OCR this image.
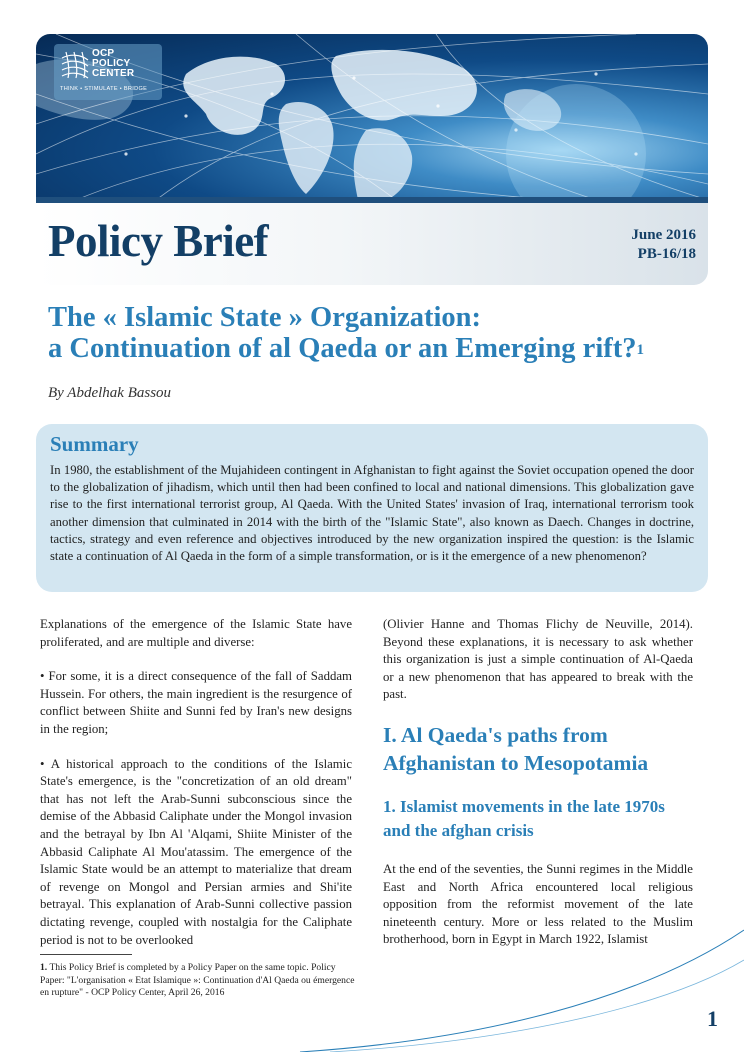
OCP
POLICY
CENTER
THINK • STIMULATE • BRIDGE
Policy Brief	June 2016
PB-16/18
The « Islamic State » Organization:
a Continuation of al Qaeda or an Emerging rift?$^1$
By Abdelhak Bassou
Summary
In 1980, the establishment of the Mujahideen contingent in Afghanistan to fight against the Soviet occupation opened the door to the globalization of jihadism, which until then had been confined to local and national dimensions. This globalization gave rise to the first international terrorist group, Al Qaeda. With the United States' invasion of Iraq, international terrorism took another dimension that culminated in 2014 with the birth of the "Islamic State", also known as Daech. Changes in doctrine, tactics, strategy and even reference and objectives introduced by the new organization inspired the question: is the Islamic state a continuation of Al Qaeda in the form of a simple transformation, or is it the emergence of a new phenomenon?

Explanations of the emergence of the Islamic State have proliferated, and are multiple and diverse:

• For some, it is a direct consequence of the fall of Saddam Hussein. For others, the main ingredient is the resurgence of conflict between Shiite and Sunni fed by Iran's new designs in the region;

• A historical approach to the conditions of the Islamic State's emergence, is the "concretization of an old dream" that has not left the Arab-Sunni subconscious since the demise of the Abbasid Caliphate under the Mongol invasion and the betrayal by Ibn Al 'Alqami, Shiite Minister of the Abbasid Caliphate Al Mou'atassim. The emergence of the Islamic State would be an attempt to materialize that dream of revenge on Mongol and Persian armies and Shi'ite betrayal. This explanation of Arab-Sunni collective passion dictating revenge, coupled with nostalgia for the Caliphate period is not to be overlooked

(Olivier Hanne and Thomas Flichy de Neuville, 2014). Beyond these explanations, it is necessary to ask whether this organization is just a simple continuation of Al-Qaeda or a new phenomenon that has appeared to break with the past.

I. Al Qaeda's paths from Afghanistan to Mesopotamia
1. Islamist movements in the late 1970s and the afghan crisis

At the end of the seventies, the Sunni regimes in the Middle East and North Africa encountered local religious opposition from the reformist movement of the late nineteenth century. More or less related to the Muslim brotherhood, born in Egypt in March 1922, Islamist

1. This Policy Brief is completed by a Policy Paper on the same topic. Policy Paper: "L'organisation « Etat Islamique »: Continuation d'Al Qaeda ou émergence en rupture" - OCP Policy Center, April 26, 2016
1
